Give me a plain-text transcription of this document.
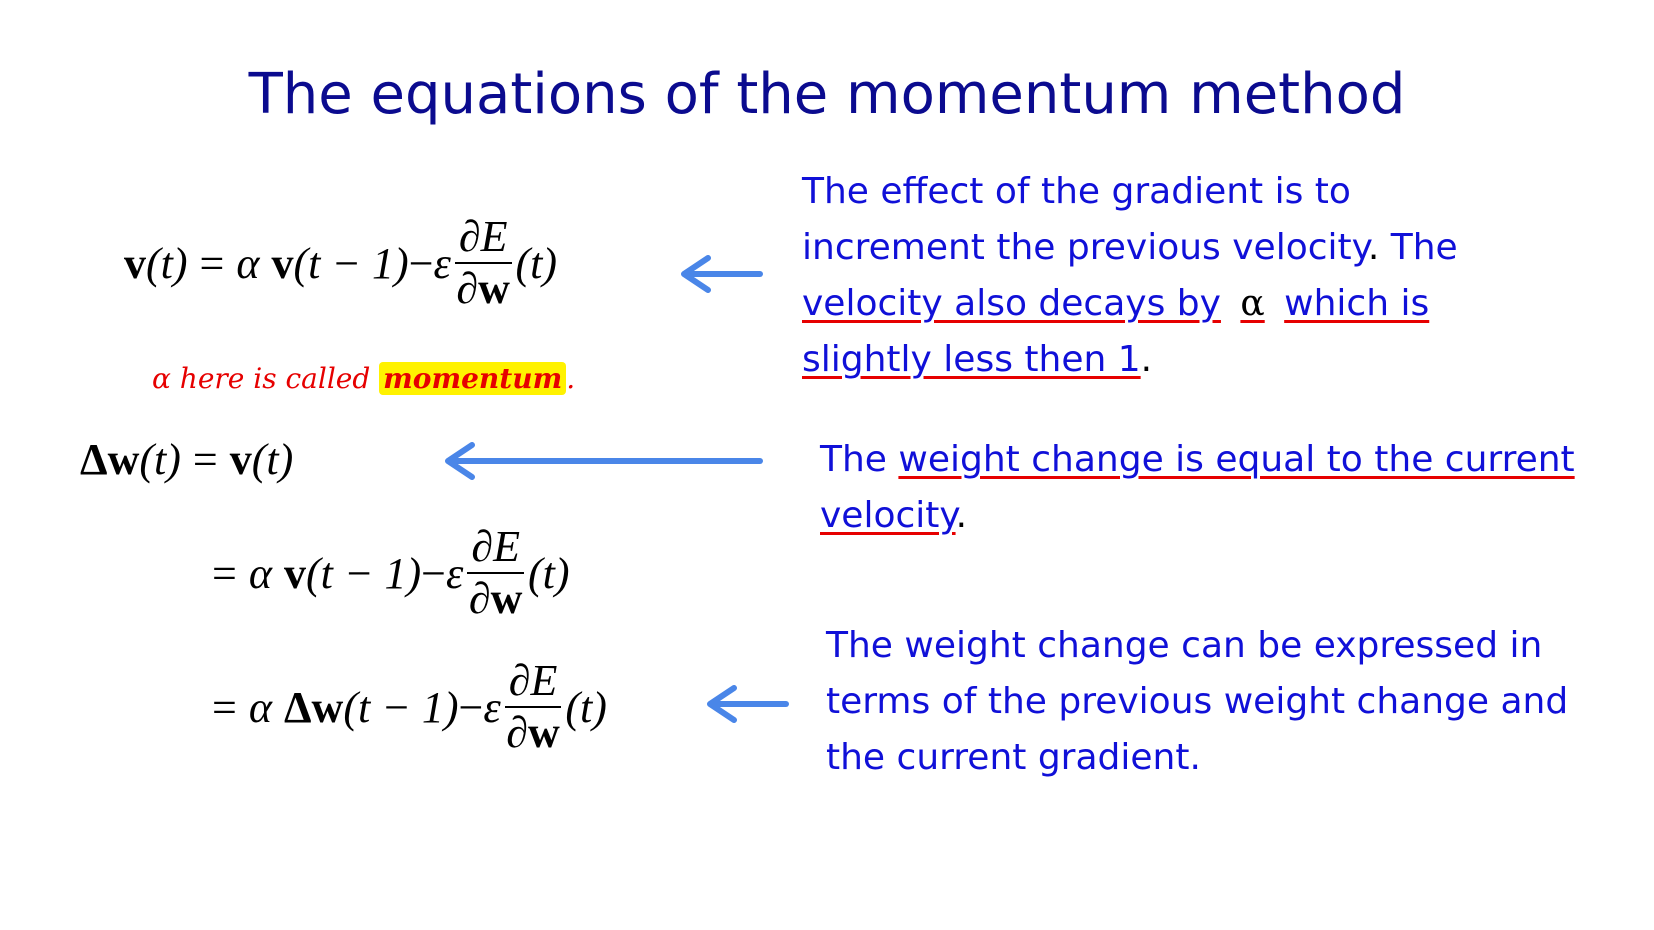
The equations of the momentum method
v (t) = α v (t − 1) − ε $\frac{\partial E}{\partial w} (t)$
α here is called momentum .
Δ w (t) = v (t)
= α v (t − 1) − ε $\frac{\partial E}{\partial w} (t)$
= α Δ w (t − 1) − ε $\frac{\partial E}{\partial w} (t)$
The effect of the gradient is to
increment the previous velocity. The
velocity also decays by α which is
slightly less then 1.
The weight change is equal to the current
velocity.
The weight change can be expressed in
terms of the previous weight change and
the current gradient.
